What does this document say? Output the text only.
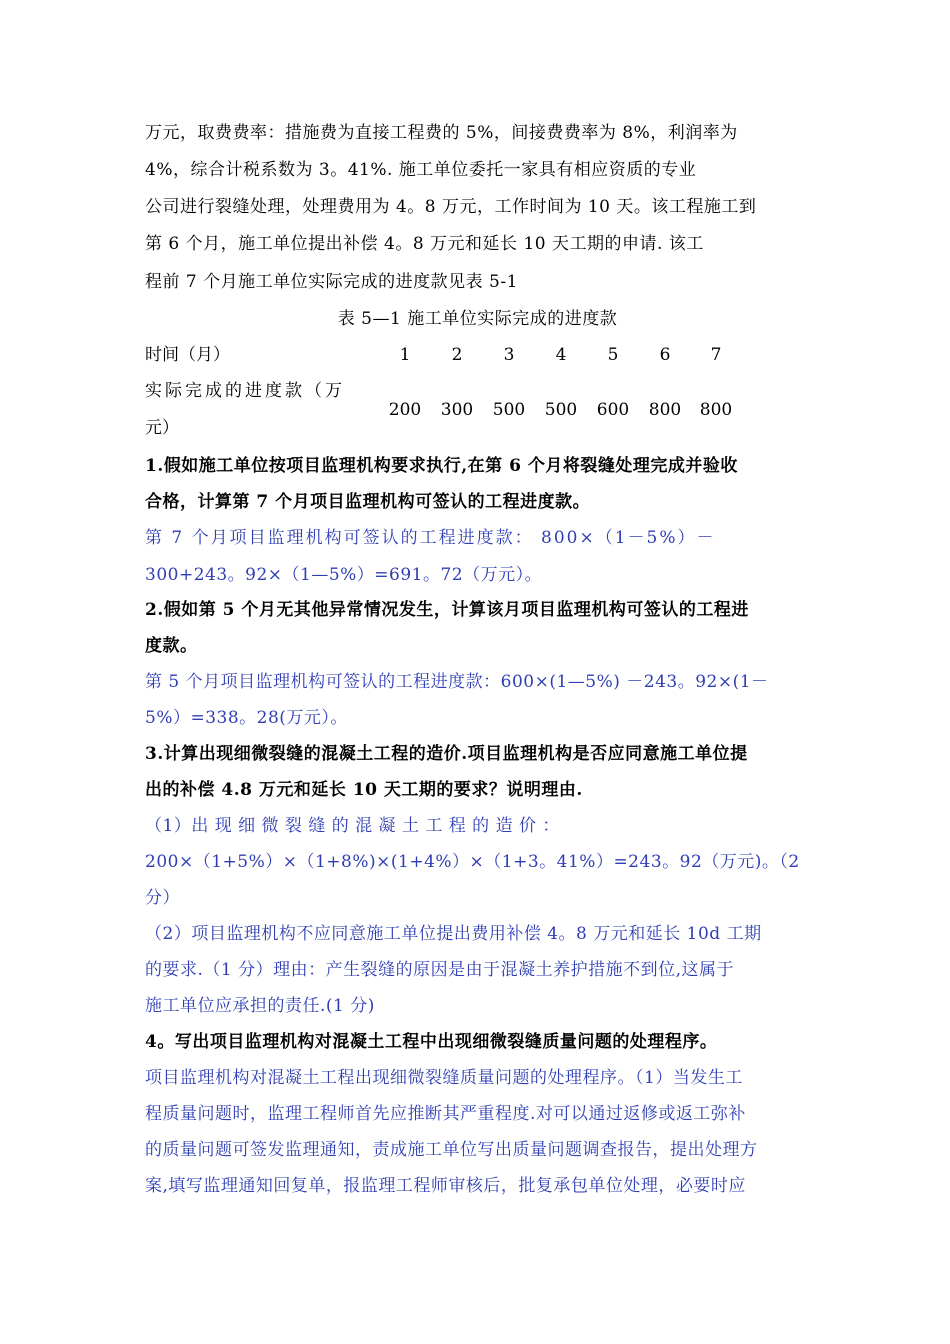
万元，取费费率：措施费为直接工程费的 5%，间接费费率为 8%，利润率为
4%，综合计税系数为 3。41%. 施工单位委托一家具有相应资质的专业
公司进行裂缝处理，处理费用为 4。8 万元，工作时间为 10 天。该工程施工到
第 6 个月，施工单位提出补偿 4。8 万元和延长 10 天工期的申请. 该工
程前 7 个月施工单位实际完成的进度款见表 5-1
表 5—1 施工单位实际完成的进度款
时间（月）	1	2	3	4	5	6	7
实际完成的进度款（万
元）
200	300	500	500	600	800	800
1.假如施工单位按项目监理机构要求执行,在第 6 个月将裂缝处理完成并验收
合格，计算第 7 个月项目监理机构可签认的工程进度款。
第 7 个月项目监理机构可签认的工程进度款： 800×（1－5%）－
300+243。92×（1—5%）=691。72（万元）。
2.假如第 5 个月无其他异常情况发生，计算该月项目监理机构可签认的工程进
度款。
第 5 个月项目监理机构可签认的工程进度款：600×(1—5%) －243。92×(1－
5%）=338。28(万元）。
3.计算出现细微裂缝的混凝土工程的造价.项目监理机构是否应同意施工单位提
出的补偿 4.8 万元和延长 10 天工期的要求？说明理由.
（1）出 现 细 微 裂 缝 的 混 凝 土 工 程 的 造 价 ：
200×（1+5%）×（1+8%)×(1+4%）×（1+3。41%）=243。92（万元)。（2
分）
（2）项目监理机构不应同意施工单位提出费用补偿 4。8 万元和延长 10d 工期
的要求.（1 分）理由：产生裂缝的原因是由于混凝土养护措施不到位,这属于
施工单位应承担的责任.(1 分)
4。写出项目监理机构对混凝土工程中出现细微裂缝质量问题的处理程序。
项目监理机构对混凝土工程出现细微裂缝质量问题的处理程序。（1）当发生工
程质量问题时，监理工程师首先应推断其严重程度.对可以通过返修或返工弥补
的质量问题可签发监理通知，责成施工单位写出质量问题调查报告，提出处理方
案,填写监理通知回复单，报监理工程师审核后，批复承包单位处理，必要时应
